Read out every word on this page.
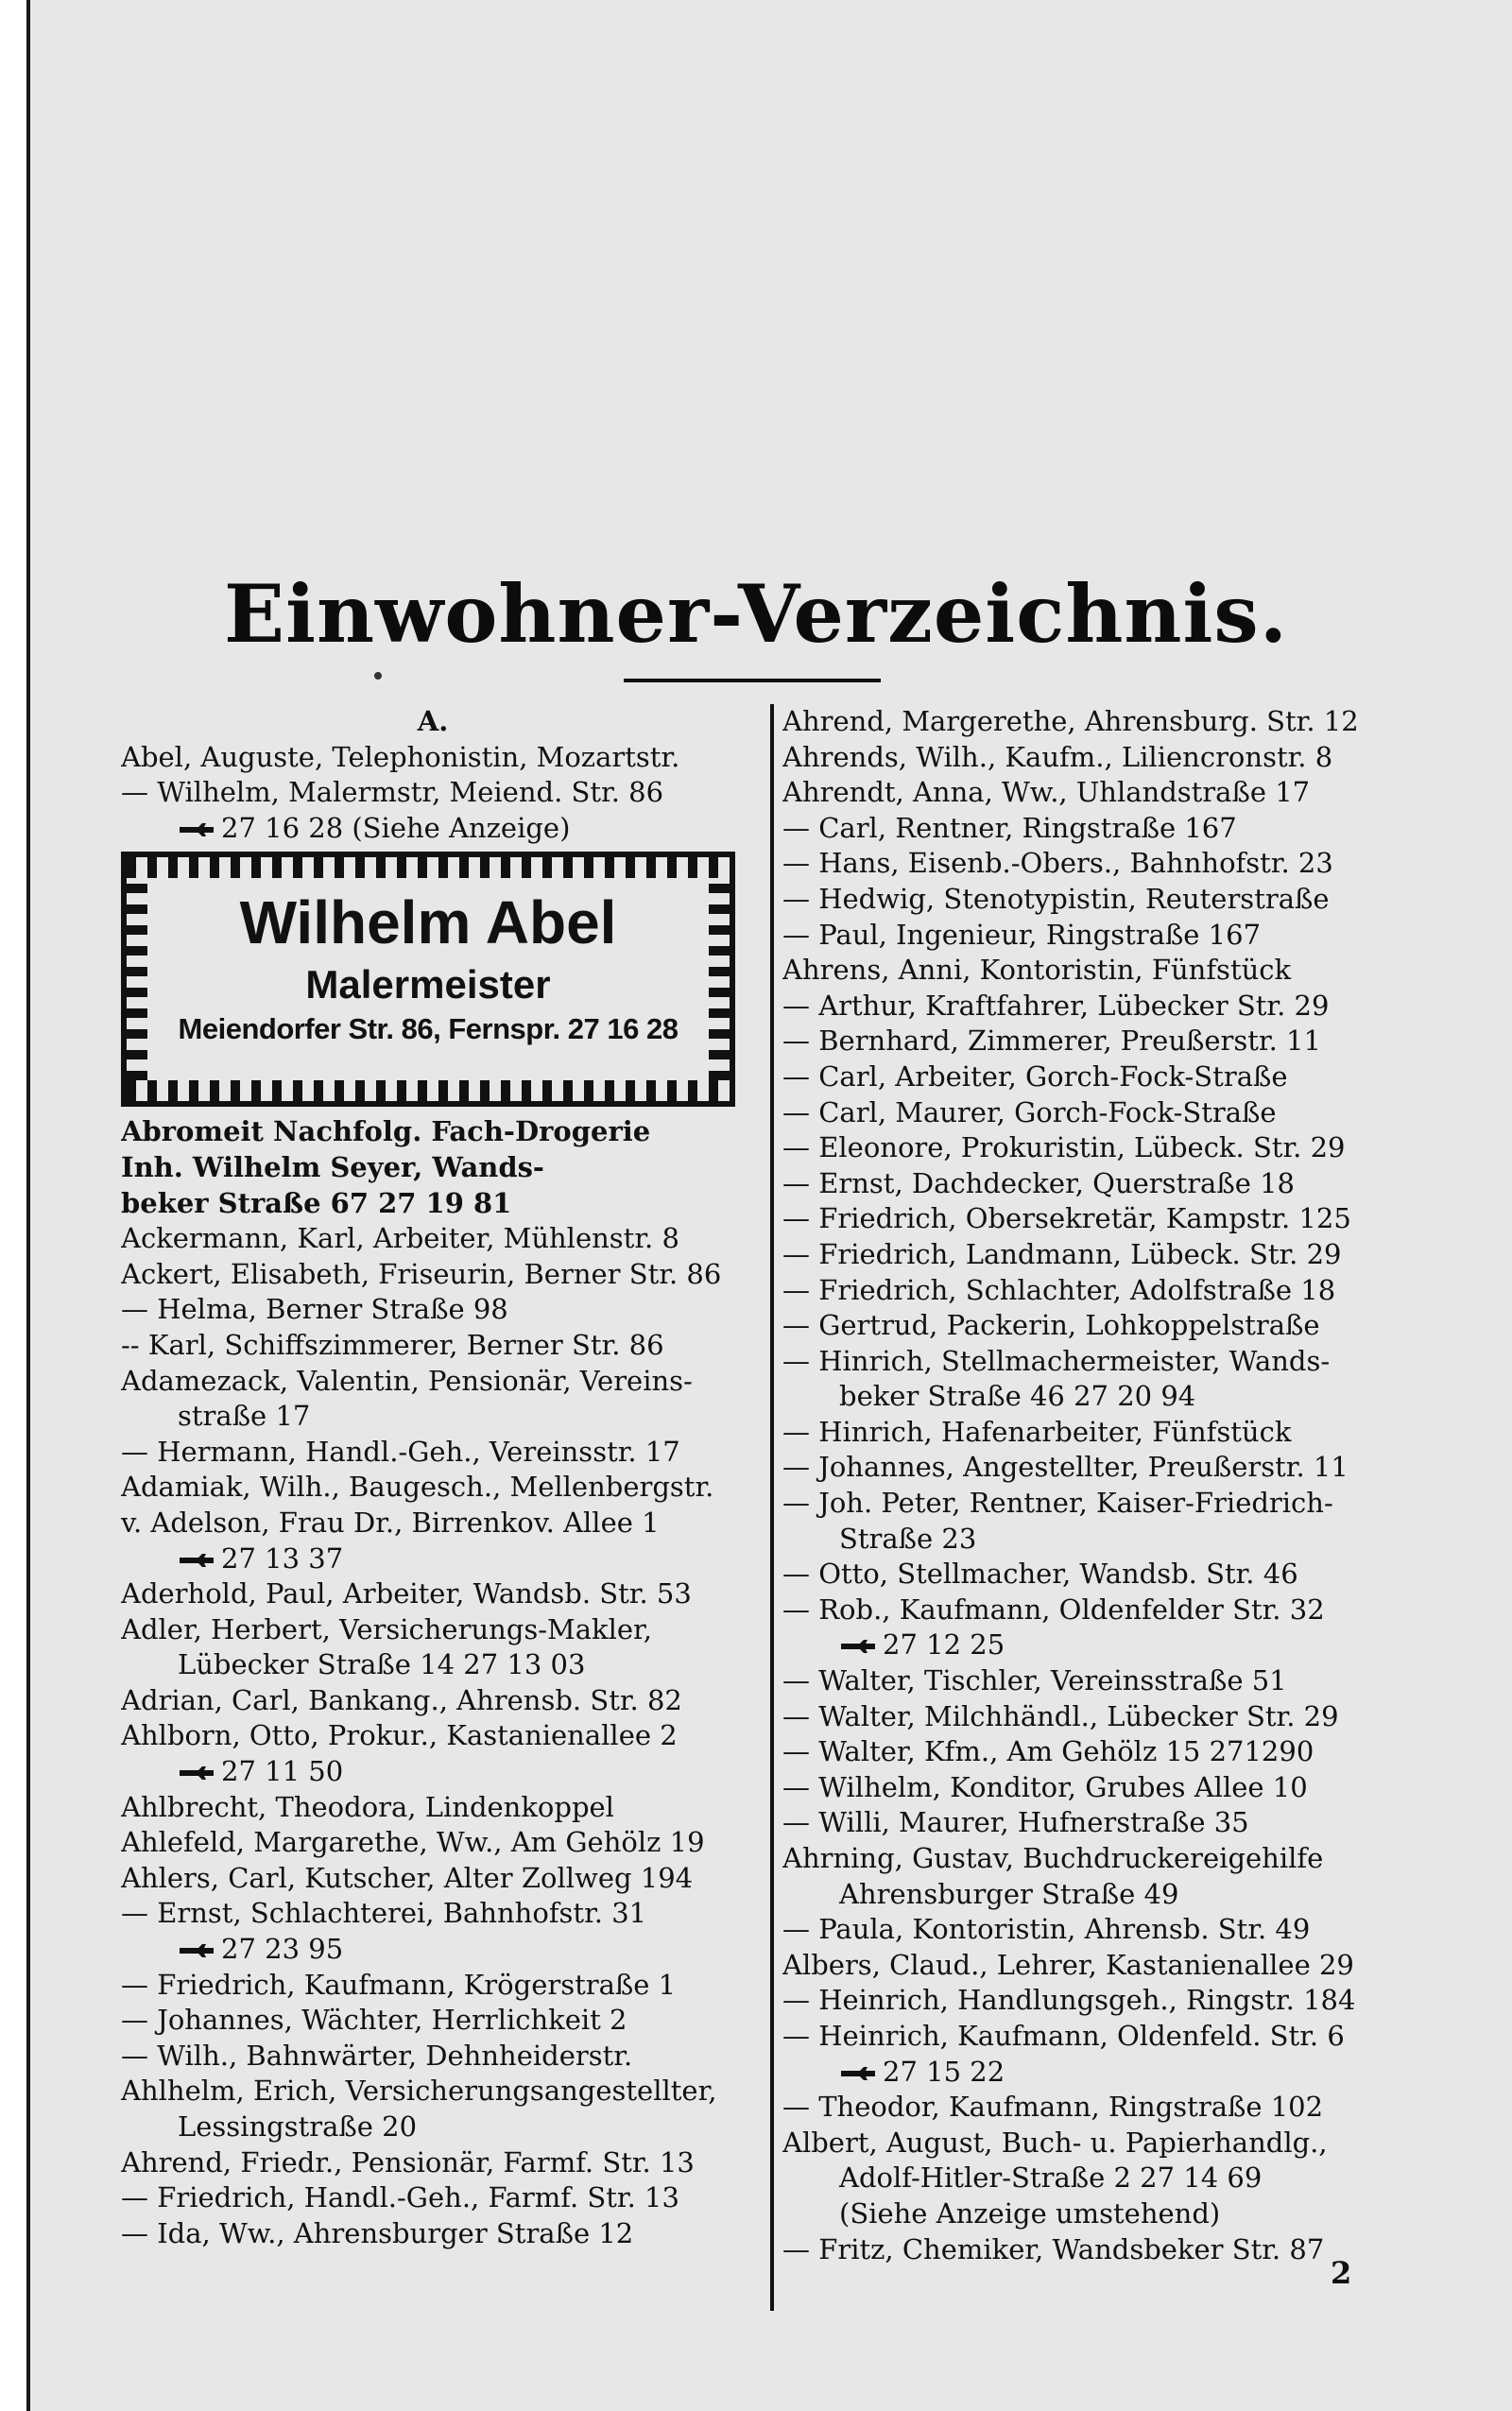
Einwohner-Verzeichnis.
A.
Abel, Auguste, Telephonistin, Mozartstr.
— Wilhelm, Malermstr, Meiend. Str. 86
27 16 28 (Siehe Anzeige)
Wilhelm Abel
Malermeister
Meiendorfer Str. 86, Fernspr. 27 16 28
Abromeit Nachfolg. Fach-Drogerie
Inh. Wilhelm Seyer, Wands-
beker Straße 67 27 19 81
Ackermann, Karl, Arbeiter, Mühlenstr. 8
Ackert, Elisabeth, Friseurin, Berner Str. 86
— Helma, Berner Straße 98
-- Karl, Schiffszimmerer, Berner Str. 86
Adamezack, Valentin, Pensionär, Vereins-
straße 17
— Hermann, Handl.-Geh., Vereinsstr. 17
Adamiak, Wilh., Baugesch., Mellenbergstr.
v. Adelson, Frau Dr., Birrenkov. Allee 1
27 13 37
Aderhold, Paul, Arbeiter, Wandsb. Str. 53
Adler, Herbert, Versicherungs-Makler,
Lübecker Straße 14 27 13 03
Adrian, Carl, Bankang., Ahrensb. Str. 82
Ahlborn, Otto, Prokur., Kastanienallee 2
27 11 50
Ahlbrecht, Theodora, Lindenkoppel
Ahlefeld, Margarethe, Ww., Am Gehölz 19
Ahlers, Carl, Kutscher, Alter Zollweg 194
— Ernst, Schlachterei, Bahnhofstr. 31
27 23 95
— Friedrich, Kaufmann, Krögerstraße 1
— Johannes, Wächter, Herrlichkeit 2
— Wilh., Bahnwärter, Dehnheiderstr.
Ahlhelm, Erich, Versicherungsangestellter,
Lessingstraße 20
Ahrend, Friedr., Pensionär, Farmf. Str. 13
— Friedrich, Handl.-Geh., Farmf. Str. 13
— Ida, Ww., Ahrensburger Straße 12
Ahrend, Margerethe, Ahrensburg. Str. 12
Ahrends, Wilh., Kaufm., Liliencronstr. 8
Ahrendt, Anna, Ww., Uhlandstraße 17
— Carl, Rentner, Ringstraße 167
— Hans, Eisenb.-Obers., Bahnhofstr. 23
— Hedwig, Stenotypistin, Reuterstraße
— Paul, Ingenieur, Ringstraße 167
Ahrens, Anni, Kontoristin, Fünfstück
— Arthur, Kraftfahrer, Lübecker Str. 29
— Bernhard, Zimmerer, Preußerstr. 11
— Carl, Arbeiter, Gorch-Fock-Straße
— Carl, Maurer, Gorch-Fock-Straße
— Eleonore, Prokuristin, Lübeck. Str. 29
— Ernst, Dachdecker, Querstraße 18
— Friedrich, Obersekretär, Kampstr. 125
— Friedrich, Landmann, Lübeck. Str. 29
— Friedrich, Schlachter, Adolfstraße 18
— Gertrud, Packerin, Lohkoppelstraße
— Hinrich, Stellmachermeister, Wands-
beker Straße 46 27 20 94
— Hinrich, Hafenarbeiter, Fünfstück
— Johannes, Angestellter, Preußerstr. 11
— Joh. Peter, Rentner, Kaiser-Friedrich-
Straße 23
— Otto, Stellmacher, Wandsb. Str. 46
— Rob., Kaufmann, Oldenfelder Str. 32
27 12 25
— Walter, Tischler, Vereinsstraße 51
— Walter, Milchhändl., Lübecker Str. 29
— Walter, Kfm., Am Gehölz 15 271290
— Wilhelm, Konditor, Grubes Allee 10
— Willi, Maurer, Hufnerstraße 35
Ahrning, Gustav, Buchdruckereigehilfe
Ahrensburger Straße 49
— Paula, Kontoristin, Ahrensb. Str. 49
Albers, Claud., Lehrer, Kastanienallee 29
— Heinrich, Handlungsgeh., Ringstr. 184
— Heinrich, Kaufmann, Oldenfeld. Str. 6
27 15 22
— Theodor, Kaufmann, Ringstraße 102
Albert, August, Buch- u. Papierhandlg.,
Adolf-Hitler-Straße 2 27 14 69
(Siehe Anzeige umstehend)
— Fritz, Chemiker, Wandsbeker Str. 87
2
